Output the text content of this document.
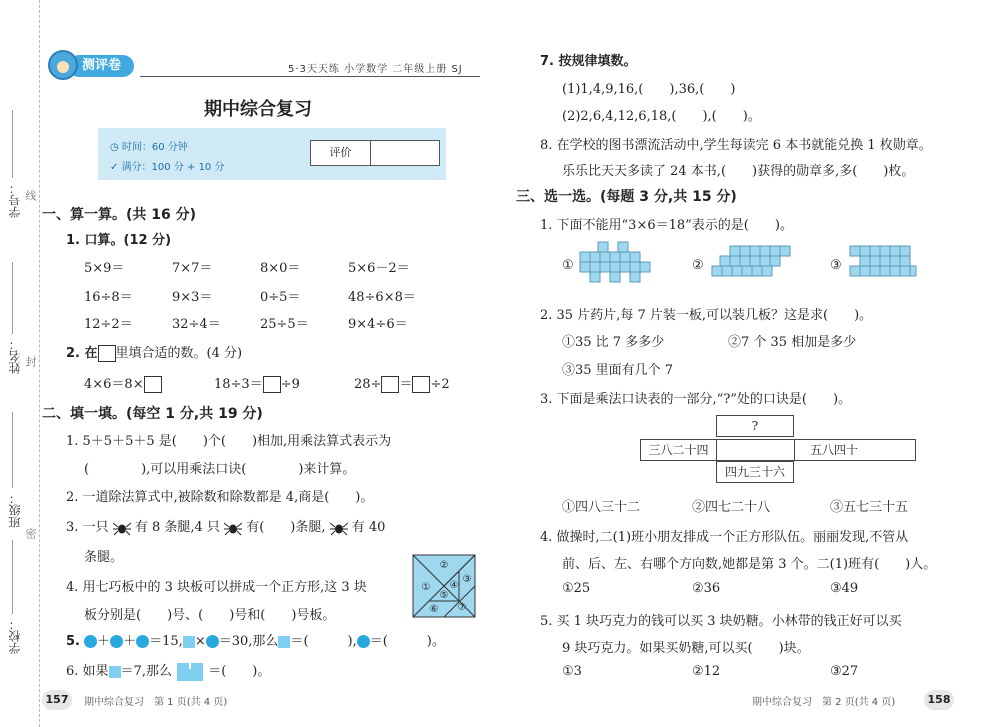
学号：
姓名：
班级：
学校：
线
封
密
测评卷	5·3天天练 小学数学 二年级上册 SJ
期中综合复习
◷ 时间：60 分钟
✓ 满分：100 分 + 10 分
评价
一、算一算。(共 16 分)
1. 口算。(12 分)
5×9＝	7×7＝	8×0＝	5×6－2＝
16÷8＝	9×3＝	0÷5＝	48÷6×8＝
12÷2＝	32÷4＝	25÷5＝	9×4÷6＝
2. 在 里填合适的数。(4 分)
4×6＝8×	18÷3＝ ÷9	28÷ ＝ ÷2
二、填一填。(每空 1 分,共 19 分)
1. 5＋5＋5＋5 是(　　)个(　　)相加,用乘法算式表示为
(　　　　),可以用乘法口诀(　　　　)来计算。
2. 一道除法算式中,被除数和除数都是 4,商是(　　)。
3. 一只 有 8 条腿,4 只 有(　　)条腿, 有 40
条腿。
4. 用七巧板中的 3 块板可以拼成一个正方形,这 3 块
板分别是(　　)号、(　　)号和(　　)号板。
①
②
③
④
⑤
⑥ ⑦
5. ＋ ＋ ＝15, × ＝30,那么 ＝(　　　), ＝(　　　)。
6. 如果 ＝7,那么	＝(　　)。
157	期中综合复习　第 1 页(共 4 页)
7. 按规律填数。
(1)1,4,9,16,(　　),36,(　　)
(2)2,6,4,12,6,18,(　　),(　　)。
8. 在学校的图书漂流活动中,学生每读完 6 本书就能兑换 1 枚勋章。
乐乐比天天多读了 24 本书,(　　)获得的勋章多,多(　　)枚。
三、选一选。(每题 3 分,共 15 分)
1. 下面不能用“3×6＝18”表示的是(　　)。
①	②	③
2. 35 片药片,每 7 片装一板,可以装几板？这是求(　　)。
①35 比 7 多多少	②7 个 35 相加是多少
③35 里面有几个 7
3. 下面是乘法口诀表的一部分,“?”处的口诀是(　　)。
?
三八二十四	五八四十
四九三十六
①四八三十二	②四七二十八	③五七三十五
4. 做操时,二(1)班小朋友排成一个正方形队伍。丽丽发现,不管从
前、后、左、右哪个方向数,她都是第 3 个。二(1)班有(　　)人。
①25	②36	③49
5. 买 1 块巧克力的钱可以买 3 块奶糖。小林带的钱正好可以买
9 块巧克力。如果买奶糖,可以买(　　)块。
①3	②12	③27
期中综合复习　第 2 页(共 4 页)	158
